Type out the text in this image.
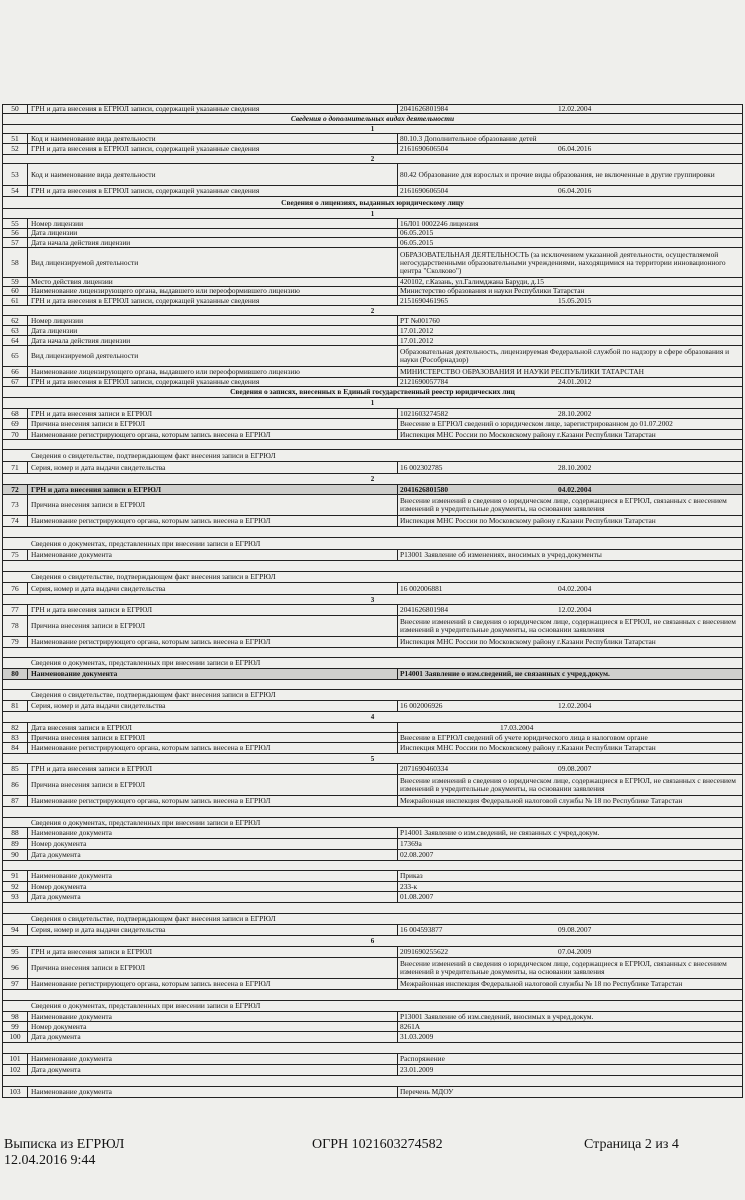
50	ГРН и дата внесения в ЕГРЮЛ записи, содержащей указанные сведения	2041626801984	12.02.2004
Сведения о дополнительных видах деятельности
1
51	Код и наименование вида деятельности	80.10.3 Дополнительное образование детей
52	ГРН и дата внесения в ЕГРЮЛ записи, содержащей указанные сведения	2161690606504	06.04.2016
2
53	Код и наименование вида деятельности	80.42 Образование для взрослых и прочие виды образования, не включенные в другие группировки
54	ГРН и дата внесения в ЕГРЮЛ записи, содержащей указанные сведения	2161690606504	06.04.2016
Сведения о лицензиях, выданных юридическому лицу
1
55	Номер лицензии	16Л01 0002246 лицензия
56	Дата лицензии	06.05.2015
57	Дата начала действия лицензии	06.05.2015
58	Вид лицензируемой деятельности
ОБРАЗОВАТЕЛЬНАЯ ДЕЯТЕЛЬНОСТЬ (за исключением указанной деятельности, осуществляемой негосударственными образовательными учреждениями, находящимися на территории инновационного центра "Сколково")
59	Место действия лицензии	420102, г.Казань, ул.Галимджана Баруди, д.15
60	Наименование лицензирующего органа, выдавшего или переоформившего лицензию	Министерство образования и науки Республики Татарстан
61	ГРН и дата внесения в ЕГРЮЛ записи, содержащей указанные сведения	2151690461965	15.05.2015
2
62	Номер лицензии	РТ №001760
63	Дата лицензии	17.01.2012
64	Дата начала действия лицензии	17.01.2012
65	Вид лицензируемой деятельности	Образовательная деятельность, лицензируемая Федеральной службой по надзору в сфере образования и науки (Рособрнадзор)
66	Наименование лицензирующего органа, выдавшего или переоформившего лицензию	МИНИСТЕРСТВО ОБРАЗОВАНИЯ И НАУКИ РЕСПУБЛИКИ ТАТАРСТАН
67	ГРН и дата внесения в ЕГРЮЛ записи, содержащей указанные сведения	2121690057784	24.01.2012
Сведения о записях, внесенных в Единый государственный реестр юридических лиц
1
68	ГРН и дата внесения записи в ЕГРЮЛ	1021603274582	28.10.2002
69	Причина внесения записи в ЕГРЮЛ	Внесение в ЕГРЮЛ сведений о юридическом лице, зарегистрированном до 01.07.2002
70	Наименование регистрирующего органа, которым запись внесена в ЕГРЮЛ	Инспекция МНС России по Московскому району г.Казани Республики Татарстан
Сведения о свидетельстве, подтверждающем факт внесения записи в ЕГРЮЛ
71	Серия, номер и дата выдачи свидетельства	16 002302785	28.10.2002
2
72	ГРН и дата внесения записи в ЕГРЮЛ	2041626801580	04.02.2004
73	Причина внесения записи в ЕГРЮЛ	Внесение изменений в сведения о юридическом лице, содержащиеся в ЕГРЮЛ, связанных с внесением изменений в учредительные документы, на основании заявления
74	Наименование регистрирующего органа, которым запись внесена в ЕГРЮЛ	Инспекция МНС России по Московскому району г.Казани Республики Татарстан
Сведения о документах, представленных при внесении записи в ЕГРЮЛ
75	Наименование документа	Р13001 Заявление об изменениях, вносимых в учред.документы
Сведения о свидетельстве, подтверждающем факт внесения записи в ЕГРЮЛ
76	Серия, номер и дата выдачи свидетельства	16 002006881	04.02.2004
3
77	ГРН и дата внесения записи в ЕГРЮЛ	2041626801984	12.02.2004
78	Причина внесения записи в ЕГРЮЛ	Внесение изменений в сведения о юридическом лице, содержащиеся в ЕГРЮЛ, не связанных с внесением изменений в учредительные документы, на основании заявления
79	Наименование регистрирующего органа, которым запись внесена в ЕГРЮЛ	Инспекция МНС России по Московскому району г.Казани Республики Татарстан
Сведения о документах, представленных при внесении записи в ЕГРЮЛ
80	Наименование документа	Р14001 Заявление о изм.сведений, не связанных с учред.докум.
Сведения о свидетельстве, подтверждающем факт внесения записи в ЕГРЮЛ
81	Серия, номер и дата выдачи свидетельства	16 002006926	12.02.2004
4
82	Дата внесения записи в ЕГРЮЛ	17.03.2004
83	Причина внесения записи в ЕГРЮЛ	Внесение в ЕГРЮЛ сведений об учете юридического лица в налоговом органе
84	Наименование регистрирующего органа, которым запись внесена в ЕГРЮЛ	Инспекция МНС России по Московскому району г.Казани Республики Татарстан
5
85	ГРН и дата внесения записи в ЕГРЮЛ	2071690460334	09.08.2007
86	Причина внесения записи в ЕГРЮЛ	Внесение изменений в сведения о юридическом лице, содержащиеся в ЕГРЮЛ, не связанных с внесением изменений в учредительные документы, на основании заявления
87	Наименование регистрирующего органа, которым запись внесена в ЕГРЮЛ	Межрайонная инспекция Федеральной налоговой службы № 18 по Республике Татарстан
Сведения о документах, представленных при внесении записи в ЕГРЮЛ
88	Наименование документа	Р14001 Заявление о изм.сведений, не связанных с учред.докум.
89	Номер документа	17369а
90	Дата документа	02.08.2007
91	Наименование документа	Приказ
92	Номер документа	233-к
93	Дата документа	01.08.2007
Сведения о свидетельстве, подтверждающем факт внесения записи в ЕГРЮЛ
94	Серия, номер и дата выдачи свидетельства	16 004593877	09.08.2007
6
95	ГРН и дата внесения записи в ЕГРЮЛ	2091690255622	07.04.2009
96	Причина внесения записи в ЕГРЮЛ	Внесение изменений в сведения о юридическом лице, содержащиеся в ЕГРЮЛ, связанных с внесением изменений в учредительные документы, на основании заявления
97	Наименование регистрирующего органа, которым запись внесена в ЕГРЮЛ	Межрайонная инспекция Федеральной налоговой службы № 18 по Республике Татарстан
Сведения о документах, представленных при внесении записи в ЕГРЮЛ
98	Наименование документа	Р13001 Заявление об изм.сведений, вносимых в учред.докум.
99	Номер документа	8261А
100	Дата документа	31.03.2009
101	Наименование документа	Распоряжение
102	Дата документа	23.01.2009
103	Наименование документа	Перечень МДОУ
Выписка из ЕГРЮЛ
12.04.2016 9:44
ОГРН 1021603274582	Страница 2 из 4
